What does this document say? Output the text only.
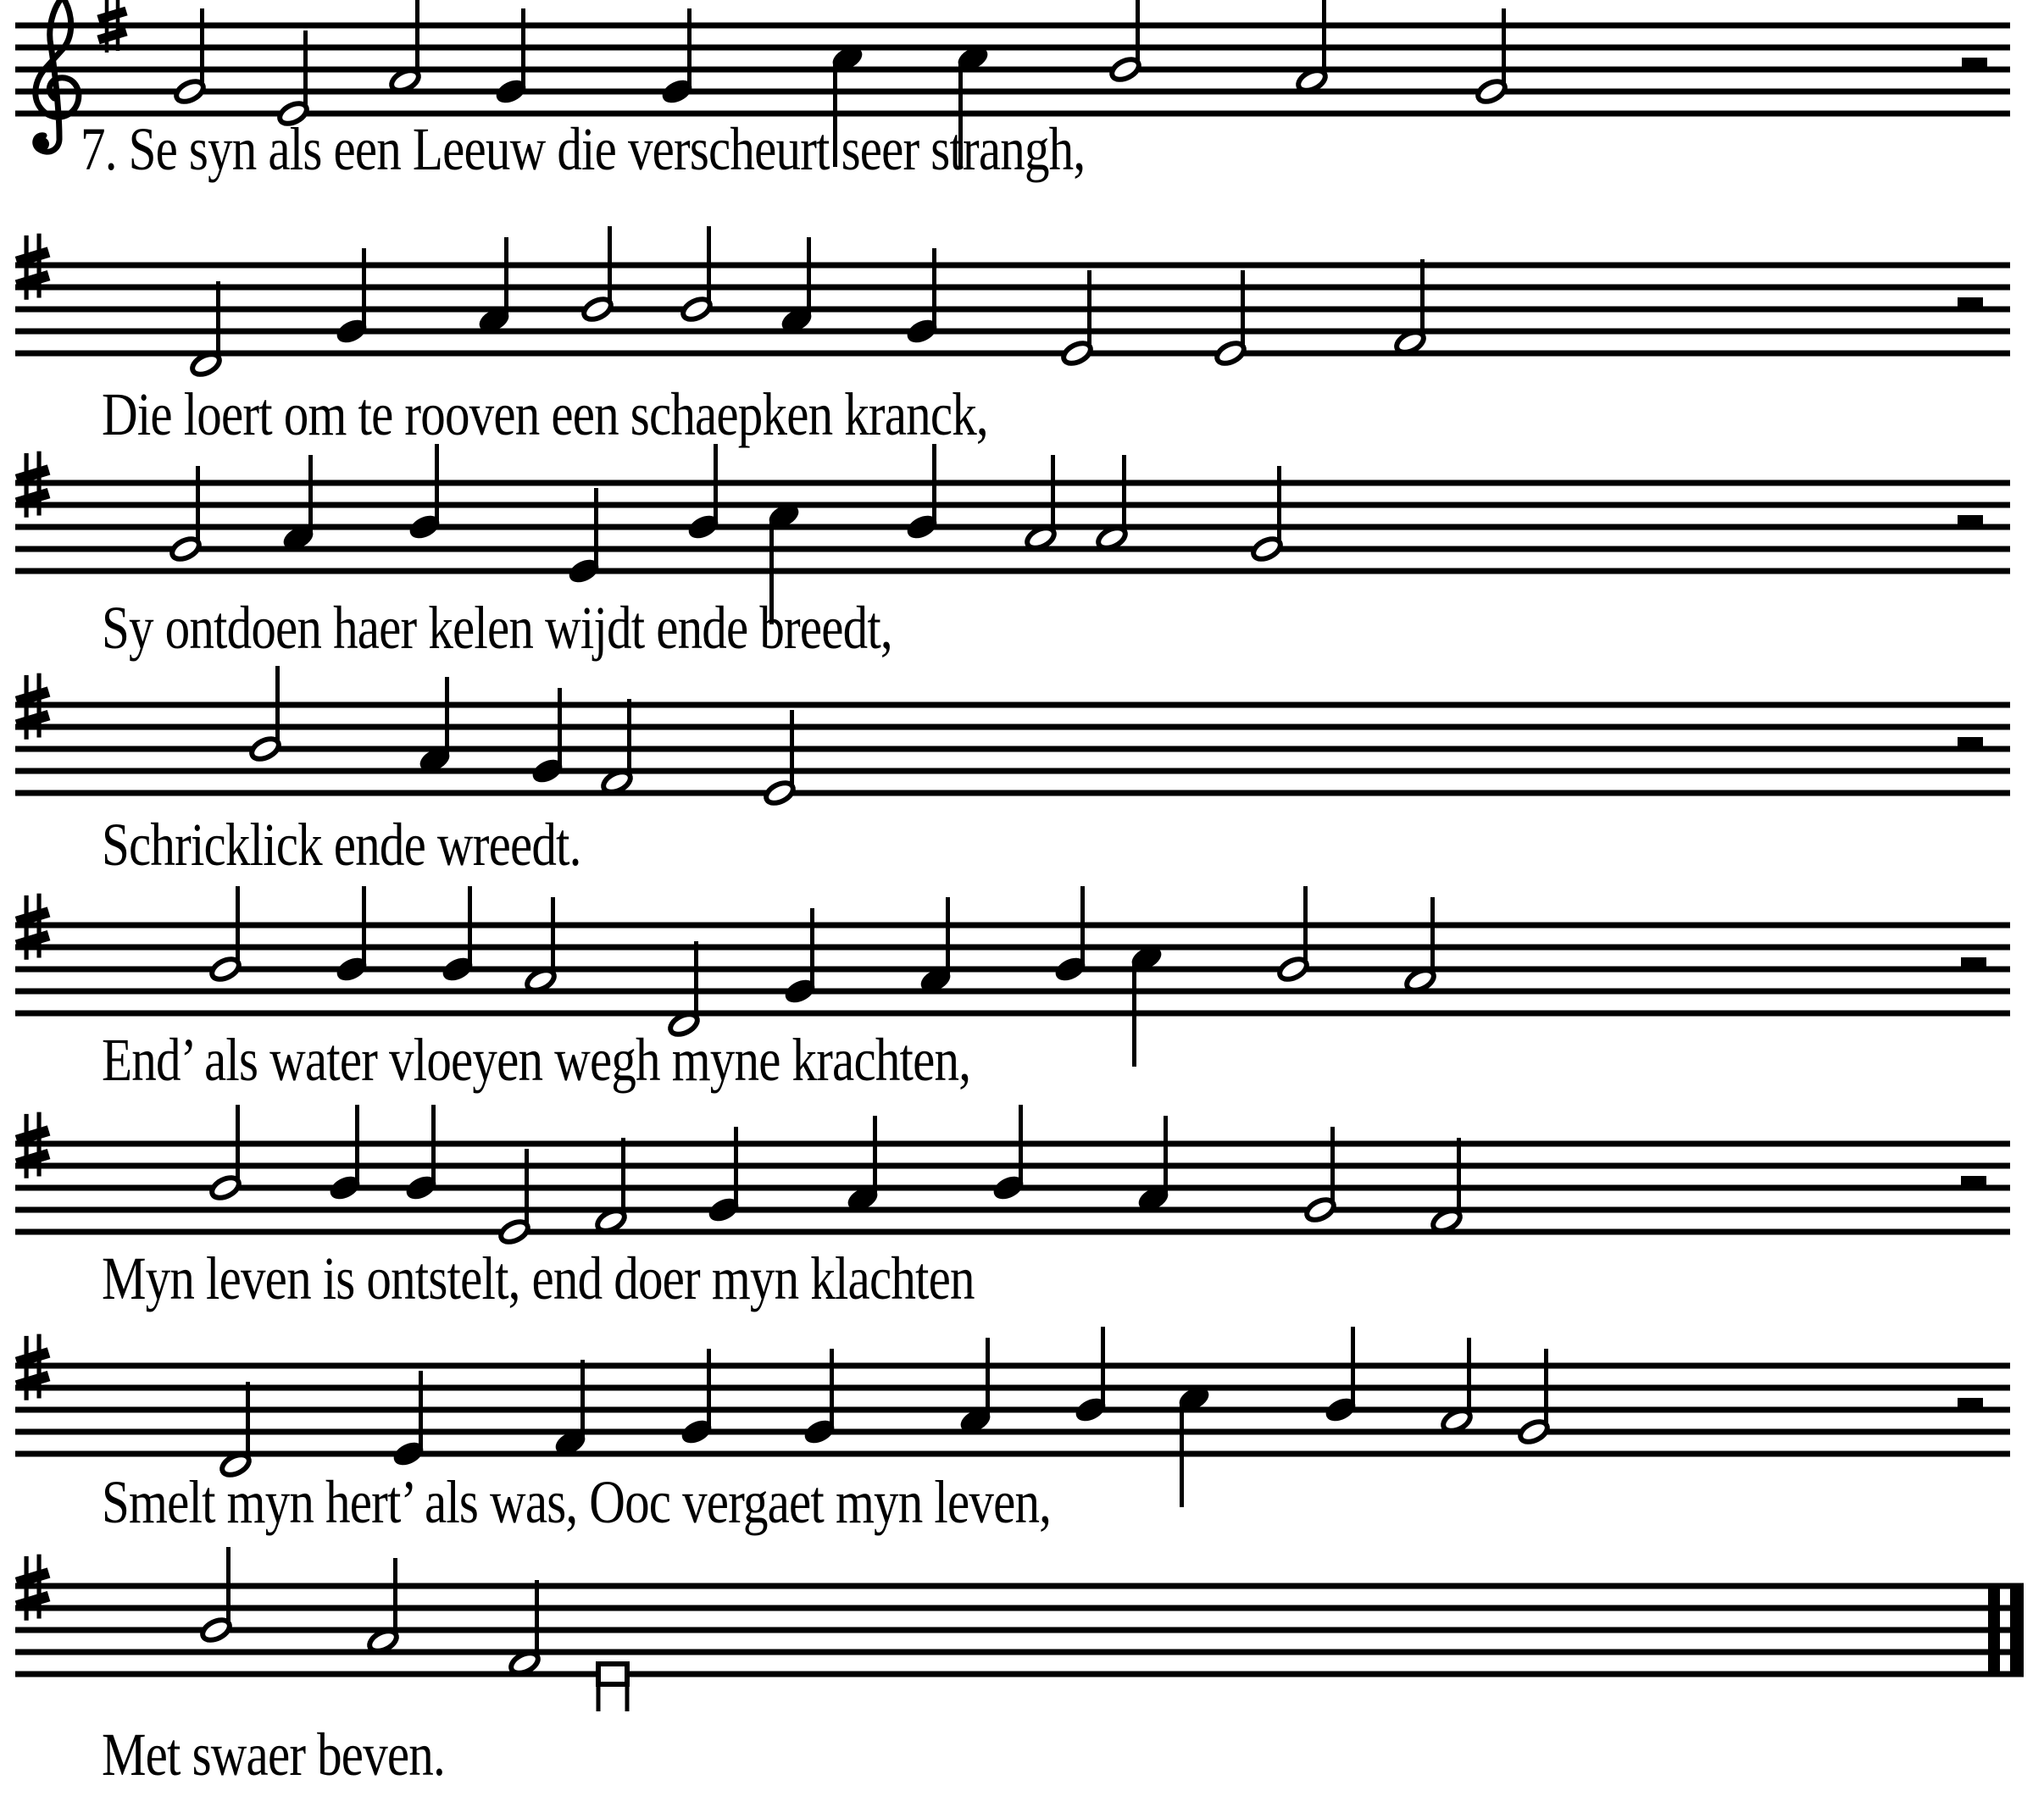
7. Se syn als een Leeuw die verscheurt seer strangh,
Die loert om te rooven een schaepken kranck,
Sy ontdoen haer kelen wijdt ende breedt,
Schricklick ende wreedt.
End’ als water vloeyen wegh myne krachten,
Myn leven is ontstelt, end doer myn klachten
Smelt myn hert’ als was, Ooc vergaet myn leven,
Met swaer beven.
